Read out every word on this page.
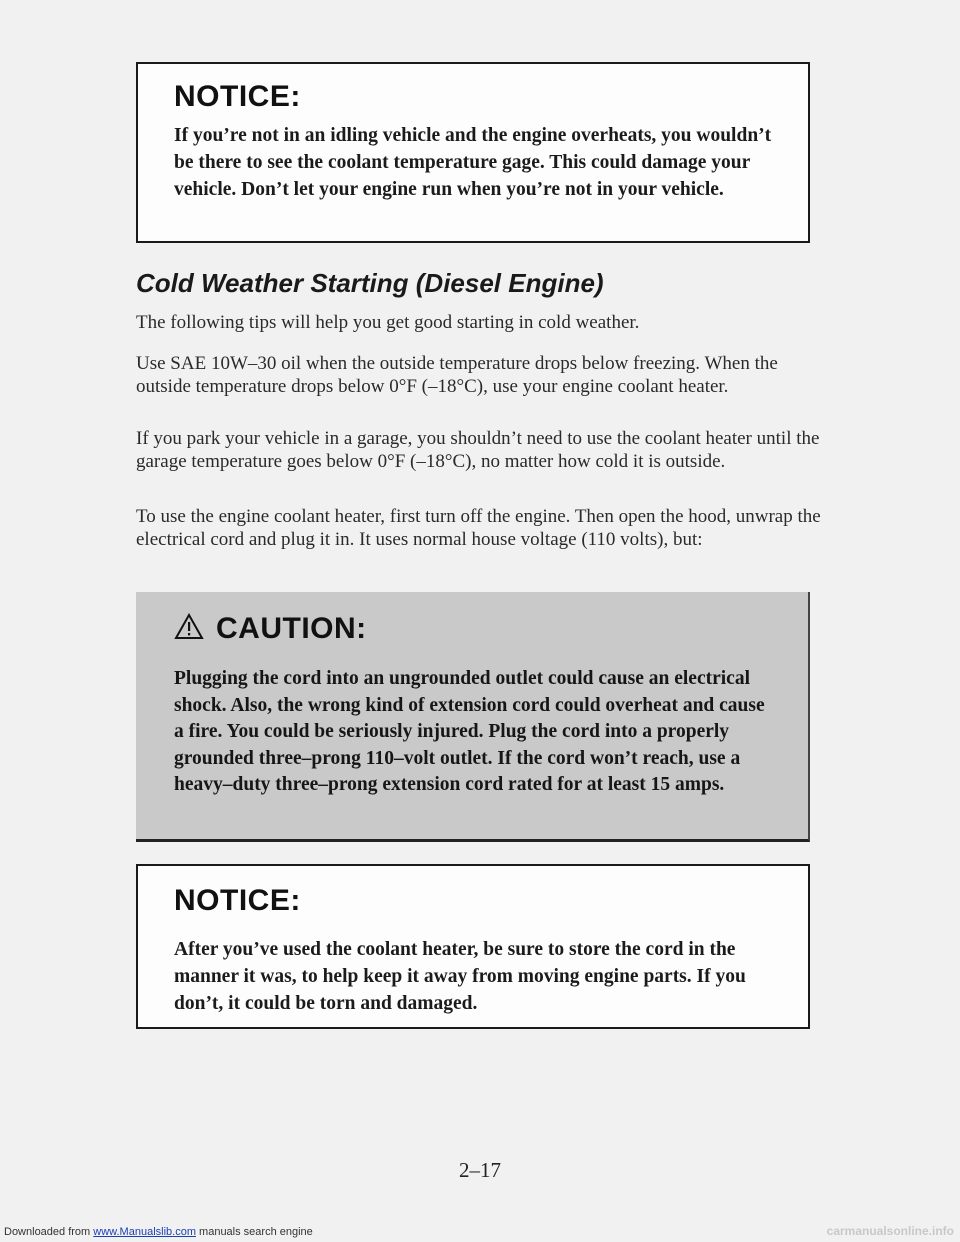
NOTICE:
If you’re not in an idling vehicle and the engine overheats, you wouldn’t be there to see the coolant temperature gage. This could damage your vehicle. Don’t let your engine run when you’re not in your vehicle.
Cold Weather Starting (Diesel Engine)

The following tips will help you get good starting in cold weather.

Use SAE 10W–30 oil when the outside temperature drops below freezing. When the outside temperature drops below 0°F (–18°C), use your engine coolant heater.

If you park your vehicle in a garage, you shouldn’t need to use the coolant heater until the garage temperature goes below 0°F (–18°C), no matter how cold it is outside.

To use the engine coolant heater, first turn off the engine. Then open the hood, unwrap the electrical cord and plug it in. It uses normal house voltage (110 volts), but:

CAUTION:
Plugging the cord into an ungrounded outlet could cause an electrical shock. Also, the wrong kind of extension cord could overheat and cause a fire. You could be seriously injured. Plug the cord into a properly grounded three–prong 110–volt outlet. If the cord won’t reach, use a heavy–duty three–prong extension cord rated for at least 15 amps.
NOTICE:
After you’ve used the coolant heater, be sure to store the cord in the manner it was, to help keep it away from moving engine parts. If you don’t, it could be torn and damaged.
2–17
Downloaded from www.Manualslib.com manuals search engine	carmanualsonline.info
